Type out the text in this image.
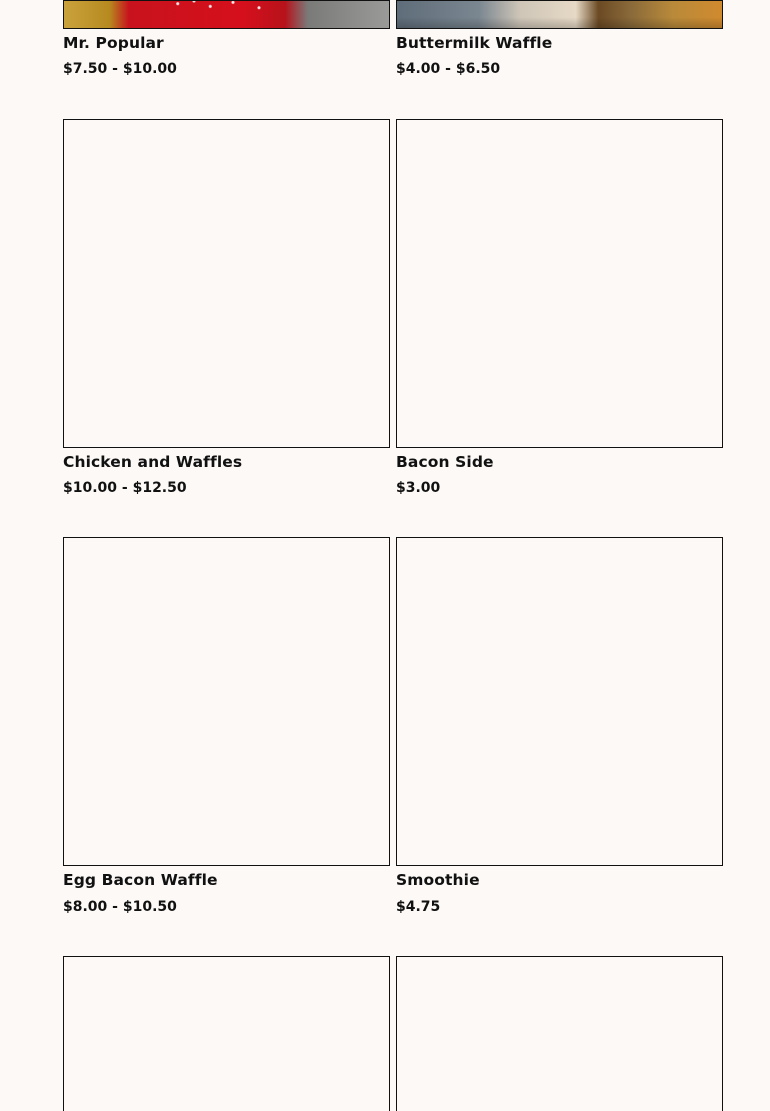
Mr. Popular
$7.50 - $10.00
Buttermilk Waffle
$4.00 - $6.50
Chicken and Waffles
$10.00 - $12.50
Bacon Side
$3.00
Egg Bacon Waffle
$8.00 - $10.50
Smoothie
$4.75
